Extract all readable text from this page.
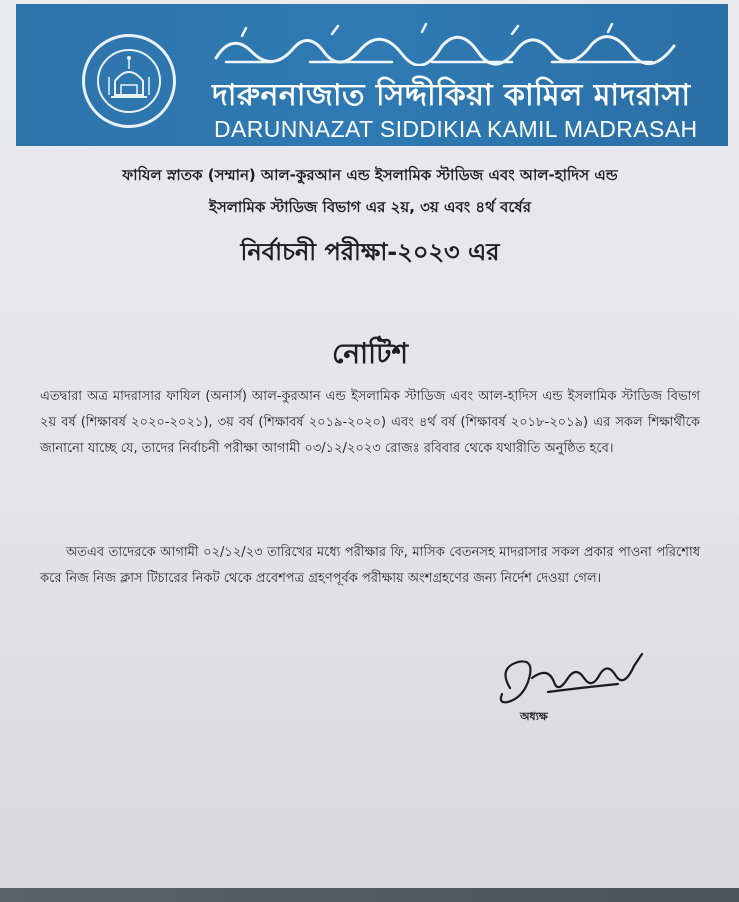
দারুননাজাত সিদ্দীকিয়া কামিল মাদরাসা
DARUNNAZAT SIDDIKIA KAMIL MADRASAH
ফাযিল স্নাতক (সম্মান) আল-কুরআন এন্ড ইসলামিক স্টাডিজ এবং আল-হাদিস এন্ড
ইসলামিক স্টাডিজ বিভাগ এর ২য়, ৩য় এবং ৪র্থ বর্ষের
নির্বাচনী পরীক্ষা-২০২৩ এর
নোটিশ
এতদ্বারা অত্র মাদরাসার ফাযিল (অনার্স) আল-কুরআন এন্ড ইসলামিক স্টাডিজ এবং আল-হাদিস এন্ড ইসলামিক স্টাডিজ বিভাগ ২য় বর্ষ (শিক্ষাবর্ষ ২০২০-২০২১), ৩য় বর্ষ (শিক্ষাবর্ষ ২০১৯-২০২০) এবং ৪র্থ বর্ষ (শিক্ষাবর্ষ ২০১৮-২০১৯) এর সকল শিক্ষার্থীকে জানানো যাচ্ছে যে, তাদের নির্বাচনী পরীক্ষা আগামী ০৩/১২/২০২৩ রোজঃ রবিবার থেকে যথারীতি অনুষ্ঠিত হবে।
অতএব তাদেরকে আগামী ০২/১২/২৩ তারিখের মধ্যে পরীক্ষার ফি, মাসিক বেতনসহ মাদরাসার সকল প্রকার পাওনা পরিশোধ করে নিজ নিজ ক্লাস টিচারের নিকট থেকে প্রবেশপত্র গ্রহণপূর্বক পরীক্ষায় অংশগ্রহণের জন্য নির্দেশ দেওয়া গেল।
অধ্যক্ষ
